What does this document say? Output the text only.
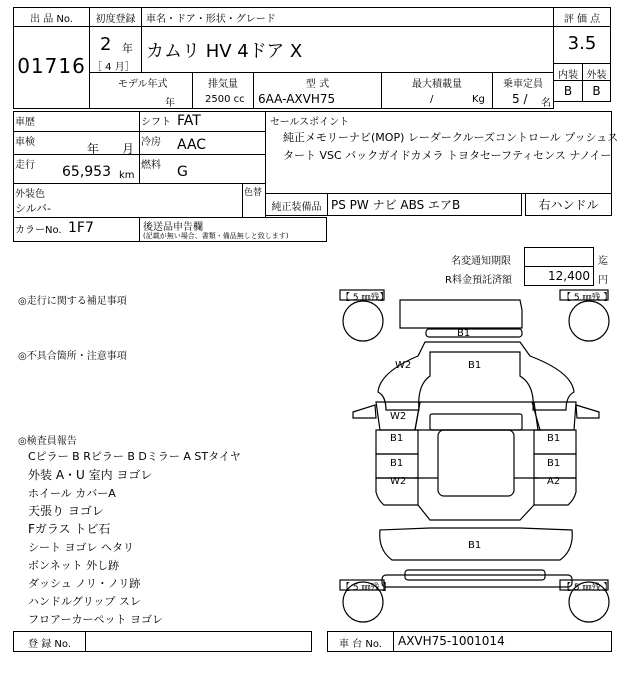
出 品 No.
01716
初度登録
2 年
［ 4 月］
車名・ドア・形状・グレード
カムリ HV 4ドア X
評 価 点
3.5
内装 外装
B	B
モデル年式
年
排気量
2500 cc
型 式
6AA-AXVH75
最大積載量
/	Kg
乗車定員
5 / 名
車歴	シフト FAT
車検	年 月 冷房 AAC
走行 65,953 km
燃料 G
セールスポイント
純正メモリーナビ(MOP) レーダークルーズコントロール プッシュス
タート VSC バックガイドカメラ トヨタセーフティセンス ナノイー
外装色
シルバ-
色替
純正装備品 PS PW ナビ ABS エアB	右ハンドル
カラーNo. 1F7	後送品申告欄
(記載が無い場合、書類・備品無しと致します)
名変通知期限	迄
R料金預託済額	12,400 円
◎走行に関する補足事項
◎不具合箇所・注意事項
◎検査員報告
Cピラー B Rピラー B Dミラー A STタイヤ
外装 A・U 室内 ヨゴレ
ホイール カバーA
天張り ヨゴレ
Fガラス トビ石
シート ヨゴレ ヘタリ
ボンネット 外し跡
ダッシュ ノリ・ノリ跡
ハンドルグリップ スレ
フロアーカーペット ヨゴレ
【 5 ㎜残】	【 5 ㎜残 】
【 5 ㎜残 】	【 5 ㎜残 】
B1
W2	B1
W2
B1
B1
W2
B1
B1
A2
B1
登 録 No.	車 台 No.	AXVH75-1001014
